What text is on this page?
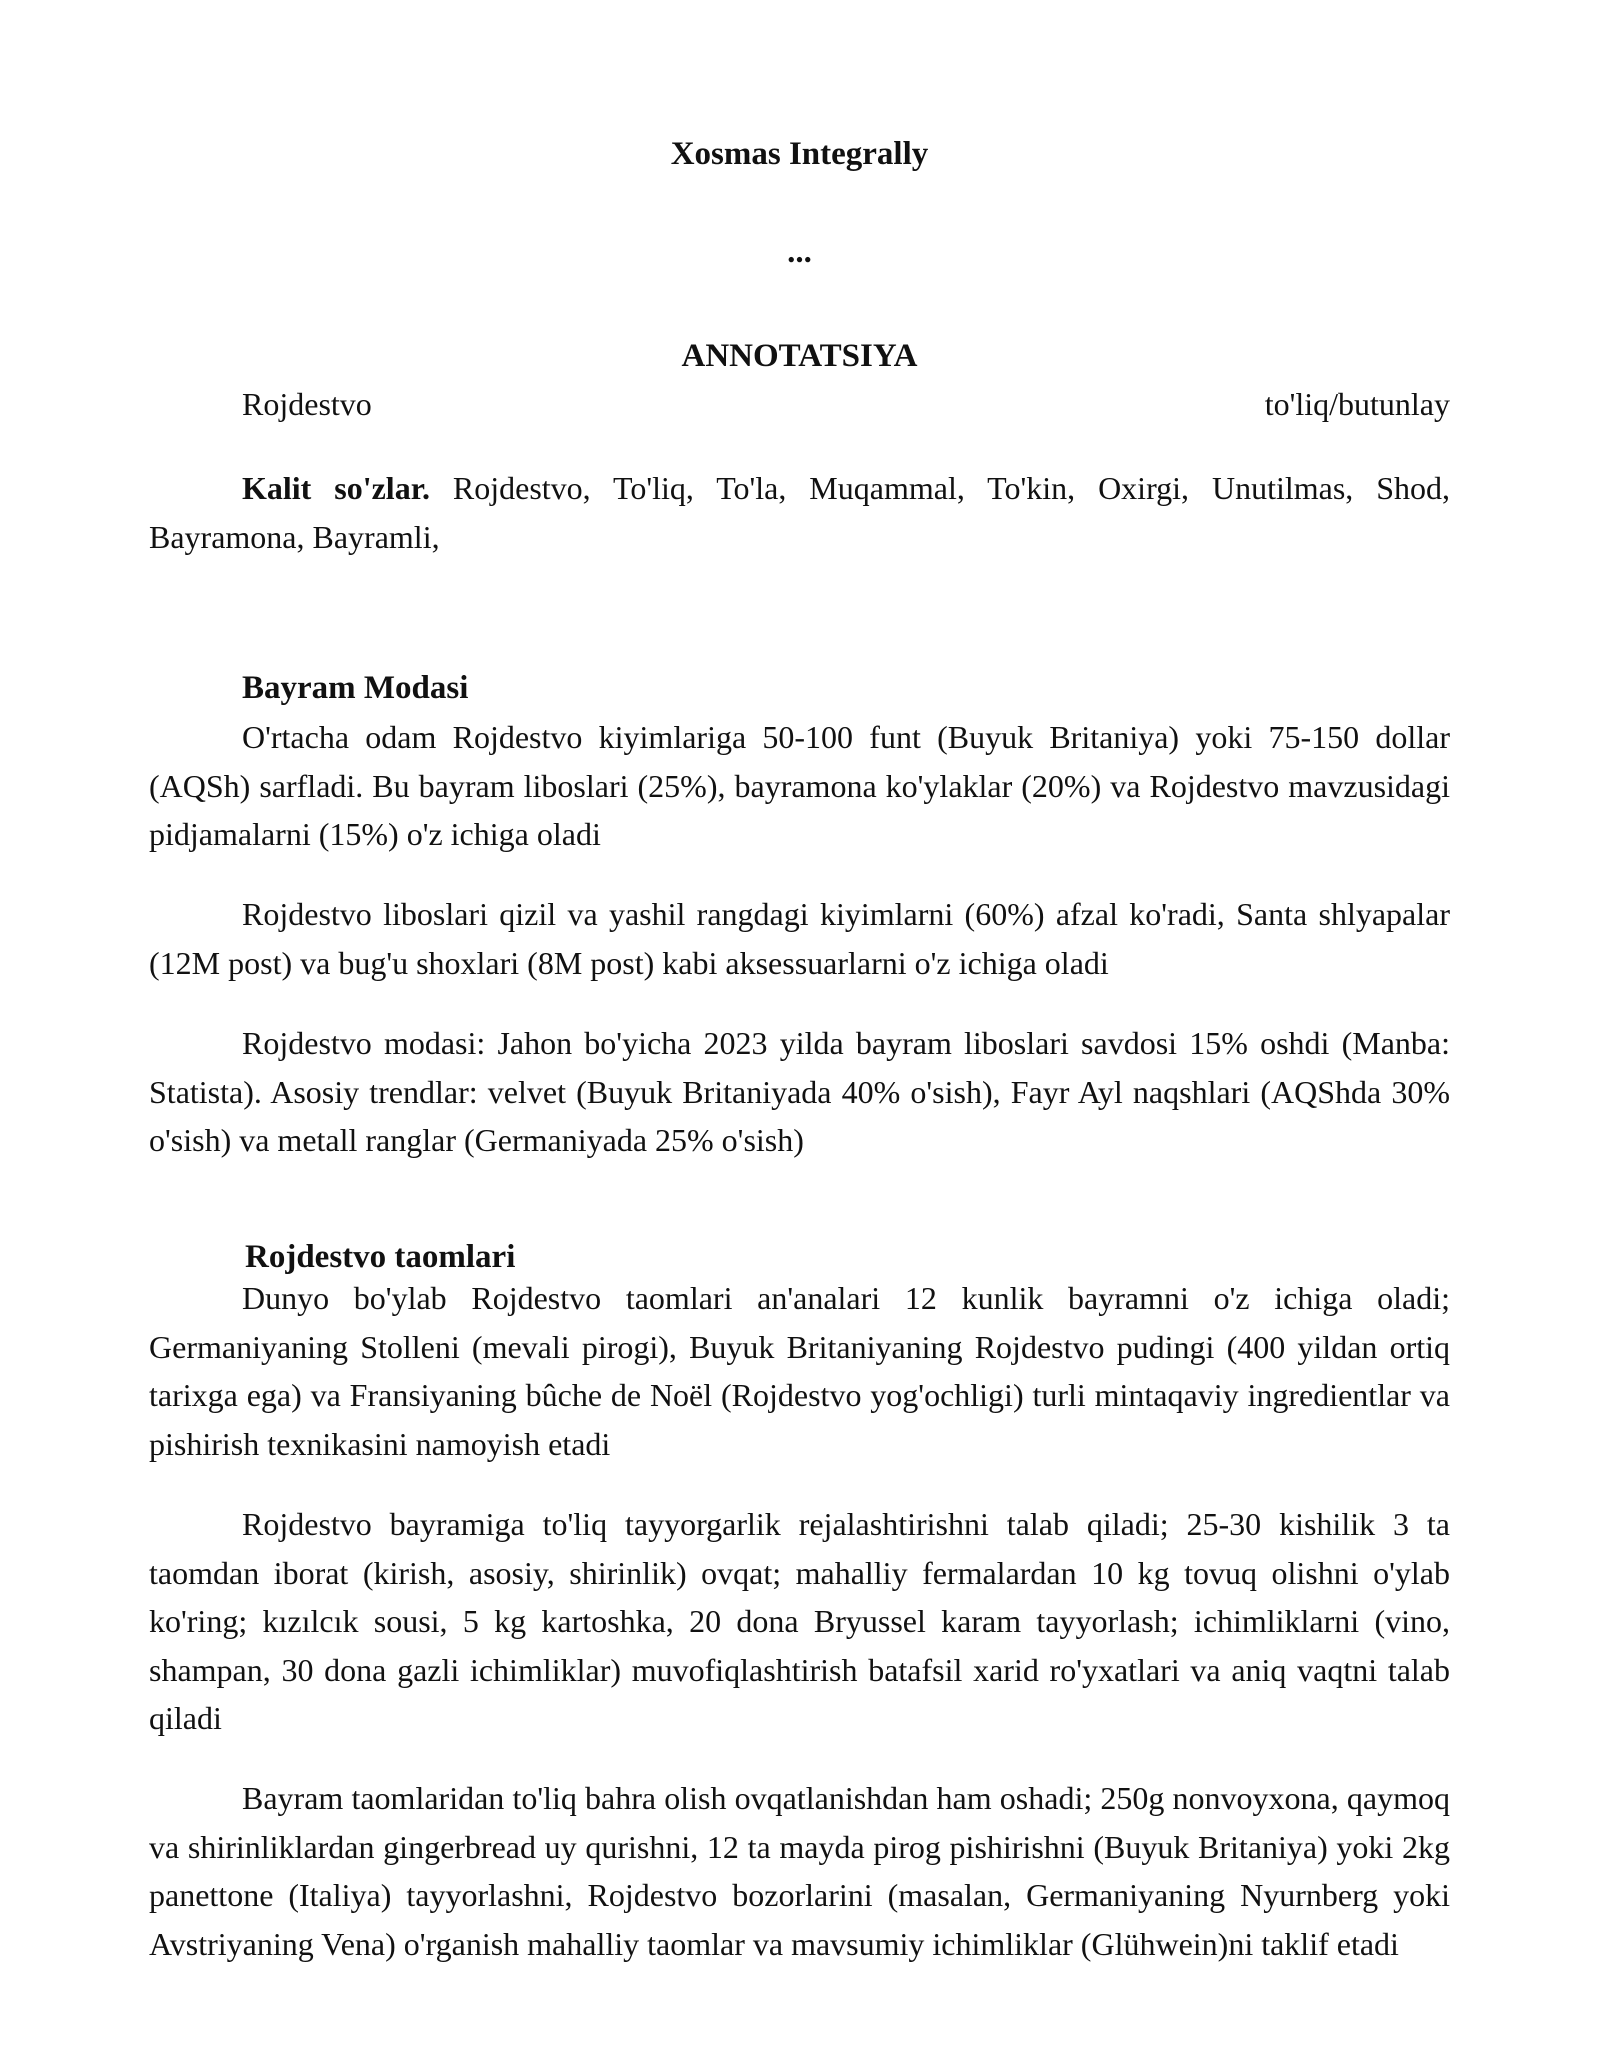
Xosmas Integrally
...
ANNOTATSIYA
Rojdestvo	to'liq/butunlay

Kalit so'zlar. Rojdestvo, To'liq, To'la, Muqammal, To'kin, Oxirgi, Unutilmas, Shod, Bayramona, Bayramli,

Bayram Modasi

O'rtacha odam Rojdestvo kiyimlariga 50-100 funt (Buyuk Britaniya) yoki 75-150 dollar (AQSh) sarfladi. Bu bayram liboslari (25%), bayramona ko'ylaklar (20%) va Rojdestvo mavzusidagi pidjamalarni (15%) o'z ichiga oladi

Rojdestvo liboslari qizil va yashil rangdagi kiyimlarni (60%) afzal ko'radi, Santa shlyapalar (12M post) va bug'u shoxlari (8M post) kabi aksessuarlarni o'z ichiga oladi

Rojdestvo modasi: Jahon bo'yicha 2023 yilda bayram liboslari savdosi 15% oshdi (Manba: Statista). Asosiy trendlar: velvet (Buyuk Britaniyada 40% o'sish), Fayr Ayl naqshlari (AQShda 30% o'sish) va metall ranglar (Germaniyada 25% o'sish)

Rojdestvo taomlari

Dunyo bo'ylab Rojdestvo taomlari an'analari 12 kunlik bayramni o'z ichiga oladi; Germaniyaning Stolleni (mevali pirogi), Buyuk Britaniyaning Rojdestvo pudingi (400 yildan ortiq tarixga ega) va Fransiyaning bûche de Noël (Rojdestvo yog'ochligi) turli mintaqaviy ingredientlar va pishirish texnikasini namoyish etadi

Rojdestvo bayramiga to'liq tayyorgarlik rejalashtirishni talab qiladi; 25-30 kishilik 3 ta taomdan iborat (kirish, asosiy, shirinlik) ovqat; mahalliy fermalardan 10 kg tovuq olishni o'ylab ko'ring; kızılcık sousi, 5 kg kartoshka, 20 dona Bryussel karam tayyorlash; ichimliklarni (vino, shampan, 30 dona gazli ichimliklar) muvofiqlashtirish batafsil xarid ro'yxatlari va aniq vaqtni talab qiladi

Bayram taomlaridan to'liq bahra olish ovqatlanishdan ham oshadi; 250g nonvoyxona, qaymoq va shirinliklardan gingerbread uy qurishni, 12 ta mayda pirog pishirishni (Buyuk Britaniya) yoki 2kg panettone (Italiya) tayyorlashni, Rojdestvo bozorlarini (masalan, Germaniyaning Nyurnberg yoki Avstriyaning Vena) o'rganish mahalliy taomlar va mavsumiy ichimliklar (Glühwein)ni taklif etadi
